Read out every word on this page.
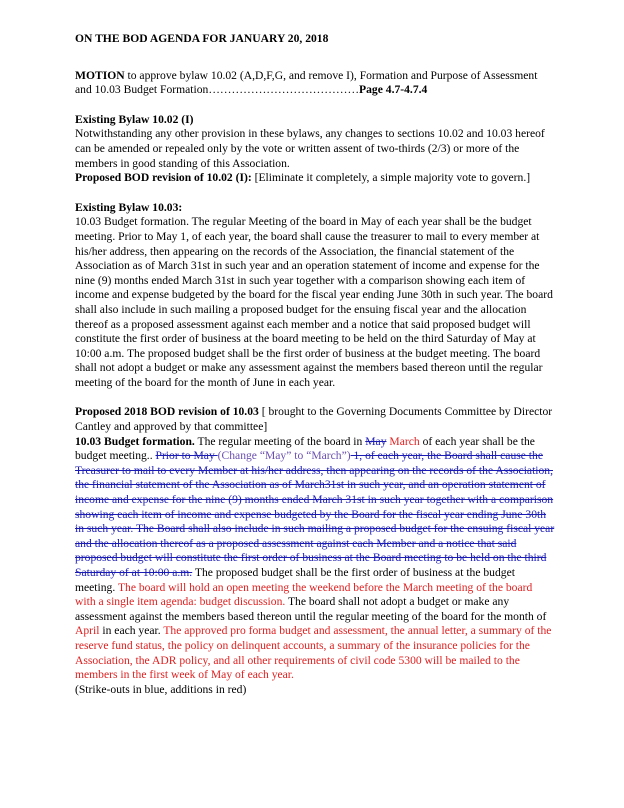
ON THE BOD AGENDA FOR JANUARY 20, 2018

MOTION to approve bylaw 10.02 (A,D,F,G, and remove I), Formation and Purpose of Assessment and 10.03 Budget Formation…………………………………Page 4.7-4.7.4

Existing Bylaw 10.02 (I)

Notwithstanding any other provision in these bylaws, any changes to sections 10.02 and 10.03 hereof can be amended or repealed only by the vote or written assent of two-thirds (2/3) or more of the members in good standing of this Association.

Proposed BOD revision of 10.02 (I): [Eliminate it completely, a simple majority vote to govern.]

Existing Bylaw 10.03:

10.03 Budget formation. The regular Meeting of the board in May of each year shall be the budget meeting. Prior to May 1, of each year, the board shall cause the treasurer to mail to every member at his/her address, then appearing on the records of the Association, the financial statement of the Association as of March 31st in such year and an operation statement of income and expense for the nine (9) months ended March 31st in such year together with a comparison showing each item of income and expense budgeted by the board for the fiscal year ending June 30th in such year. The board shall also include in such mailing a proposed budget for the ensuing fiscal year and the allocation thereof as a proposed assessment against each member and a notice that said proposed budget will constitute the first order of business at the board meeting to be held on the third Saturday of May at 10:00 a.m. The proposed budget shall be the first order of business at the budget meeting. The board shall not adopt a budget or make any assessment against the members based thereon until the regular meeting of the board for the month of June in each year.

Proposed 2018 BOD revision of 10.03 [ brought to the Governing Documents Committee by Director Cantley and approved by that committee]

10.03 Budget formation. The regular meeting of the board in May March of each year shall be the budget meeting.. Prior to May (Change “May” to “March”) 1, of each year, the Board shall cause the Treasurer to mail to every Member at his/her address, then appearing on the records of the Association, the financial statement of the Association as of March31st in such year, and an operation statement of income and expense for the nine (9) months ended March 31st in such year together with a comparison showing each item of income and expense budgeted by the Board for the fiscal year ending June 30th in such year. The Board shall also include in such mailing a proposed budget for the ensuing fiscal year and the allocation thereof as a proposed assessment against each Member and a notice that said proposed budget will constitute the first order of business at the Board meeting to be held on the third Saturday of at 10:00 a.m. The proposed budget shall be the first order of business at the budget meeting. The board will hold an open meeting the weekend before the March meeting of the board with a single item agenda: budget discussion. The board shall not adopt a budget or make any assessment against the members based thereon until the regular meeting of the board for the month of April in each year. The approved pro forma budget and assessment, the annual letter, a summary of the reserve fund status, the policy on delinquent accounts, a summary of the insurance policies for the Association, the ADR policy, and all other requirements of civil code 5300 will be mailed to the members in the first week of May of each year.

(Strike-outs in blue, additions in red)
